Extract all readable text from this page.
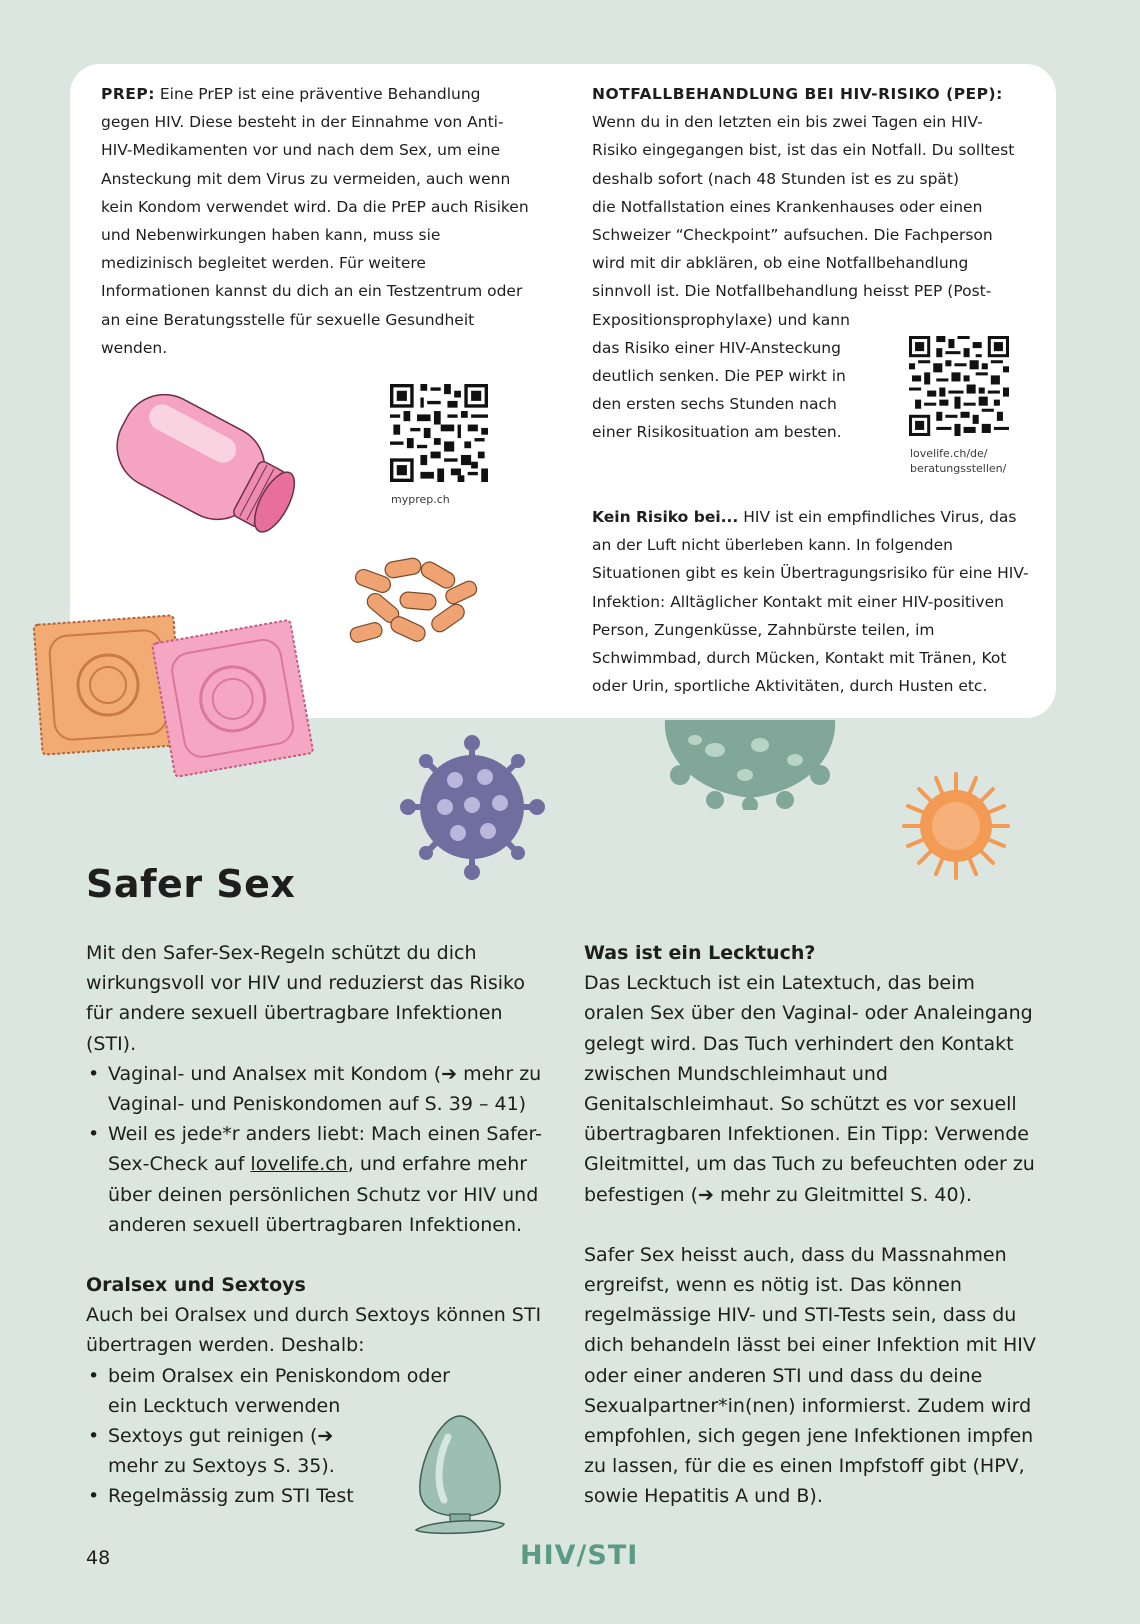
PREP: Eine PrEP ist eine präventive Behandlung gegen HIV. Diese besteht in der Einnahme von Anti-HIV-Medikamenten vor und nach dem Sex, um eine Ansteckung mit dem Virus zu vermeiden, auch wenn kein Kondom verwendet wird. Da die PrEP auch Risiken und Nebenwirkungen haben kann, muss sie medizinisch begleitet werden. Für weitere Informationen kannst du dich an ein Testzentrum oder an eine Beratungsstelle für sexuelle Gesundheit wenden.

NOTFALLBEHANDLUNG BEI HIV-RISIKO (PEP):
Wenn du in den letzten ein bis zwei Tagen ein HIV-
Risiko eingegangen bist, ist das ein Notfall. Du solltest
deshalb sofort (nach 48 Stunden ist es zu spät)
die Notfallstation eines Krankenhauses oder einen
Schweizer “Checkpoint” aufsuchen. Die Fachperson
wird mit dir abklären, ob eine Notfallbehandlung
sinnvoll ist. Die Notfallbehandlung heisst PEP (Post-
Expositionsprophylaxe) und kann
das Risiko einer HIV-Ansteckung
deutlich senken. Die PEP wirkt in
den ersten sechs Stunden nach
einer Risikosituation am besten.
myprep.ch
lovelife.ch/de/
beratungsstellen/

Kein Risiko bei... HIV ist ein empfindliches Virus, das an der Luft nicht überleben kann. In folgenden Situationen gibt es kein Übertragungsrisiko für eine HIV-Infektion: Alltäglicher Kontakt mit einer HIV-positiven Person, Zungenküsse, Zahnbürste teilen, im Schwimmbad, durch Mücken, Kontakt mit Tränen, Kot oder Urin, sportliche Aktivitäten, durch Husten etc.

Safer Sex

Mit den Safer-Sex-Regeln schützt du dich wirkungsvoll vor HIV und reduzierst das Risiko für andere sexuell übertragbare Infektionen (STI).

• Vaginal- und Analsex mit Kondom (➔ mehr zu Vaginal- und Peniskondomen auf S. 39 – 41)
• Weil es jede*r anders liebt: Mach einen Safer-Sex-Check auf lovelife.ch, und erfahre mehr über deinen persönlichen Schutz vor HIV und anderen sexuell übertragbaren Infektionen.

Oralsex und Sextoys

Auch bei Oralsex und durch Sextoys können STI übertragen werden. Deshalb:

• beim Oralsex ein Peniskondom oder ein Lecktuch verwenden
• Sextoys gut reinigen (➔ mehr zu Sextoys S. 35).
• Regelmässig zum STI Test

Was ist ein Lecktuch?

Das Lecktuch ist ein Latextuch, das beim oralen Sex über den Vaginal- oder Analeingang gelegt wird. Das Tuch verhindert den Kontakt zwischen Mundschleimhaut und Genitalschleimhaut. So schützt es vor sexuell übertragbaren Infektionen. Ein Tipp: Verwende Gleitmittel, um das Tuch zu befeuchten oder zu befestigen (➔ mehr zu Gleitmittel S. 40).

Safer Sex heisst auch, dass du Massnahmen ergreifst, wenn es nötig ist. Das können regelmässige HIV- und STI-Tests sein, dass du dich behandeln lässt bei einer Infektion mit HIV oder einer anderen STI und dass du deine Sexualpartner*in(nen) informierst. Zudem wird empfohlen, sich gegen jene Infektionen impfen zu lassen, für die es einen Impfstoff gibt (HPV, sowie Hepatitis A und B).

48	HIV/STI
